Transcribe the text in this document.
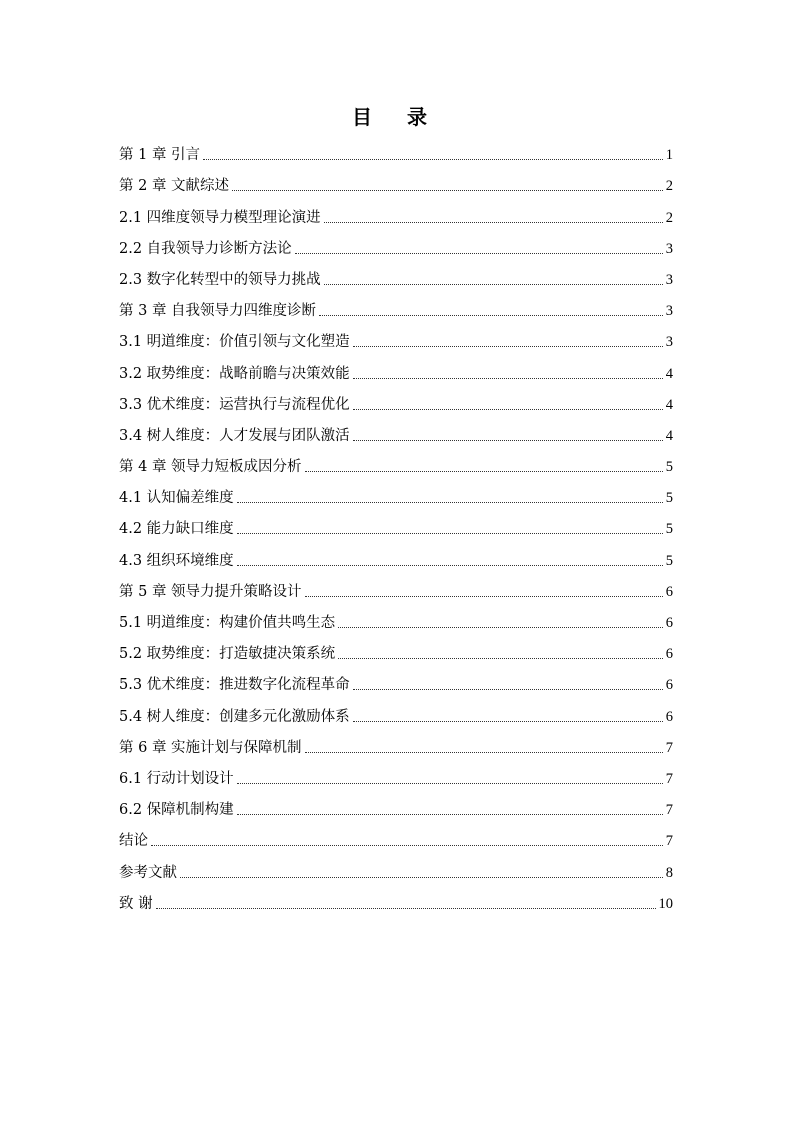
目 录
第 1 章 引言	1
第 2 章 文献综述	2
2.1 四维度领导力模型理论演进	2
2.2 自我领导力诊断方法论	3
2.3 数字化转型中的领导力挑战	3
第 3 章 自我领导力四维度诊断	3
3.1 明道维度：价值引领与文化塑造	3
3.2 取势维度：战略前瞻与决策效能	4
3.3 优术维度：运营执行与流程优化	4
3.4 树人维度：人才发展与团队激活	4
第 4 章 领导力短板成因分析	5
4.1 认知偏差维度	5
4.2 能力缺口维度	5
4.3 组织环境维度	5
第 5 章 领导力提升策略设计	6
5.1 明道维度：构建价值共鸣生态	6
5.2 取势维度：打造敏捷决策系统	6
5.3 优术维度：推进数字化流程革命	6
5.4 树人维度：创建多元化激励体系	6
第 6 章 实施计划与保障机制	7
6.1 行动计划设计	7
6.2 保障机制构建	7
结论	7
参考文献	8
致 谢	10
